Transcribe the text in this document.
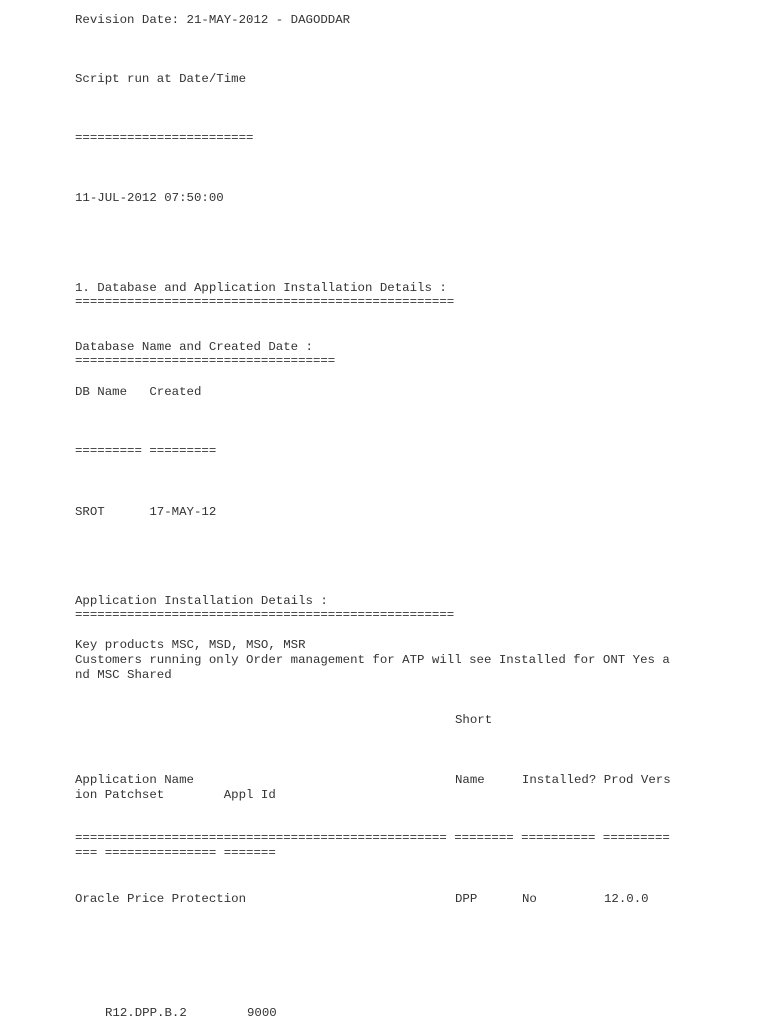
Revision Date: 21-MAY-2012 - DAGODDAR

Script run at Date/Time

========================

11-JUL-2012 07:50:00

1. Database and Application Installation Details :

===================================================

Database Name and Created Date :

===================================

DB Name   Created

========= =========

SROT      17-MAY-12

Application Installation Details :

===================================================

Key products MSC, MSD, MSO, MSR

Customers running only Order management for ATP will see Installed for ONT Yes a

nd MSC Shared

Short

Application Name	Name     Installed? Prod Vers

ion Patchset        Appl Id

================================================== ======== ========== =========

=== =============== =======

Oracle Price Protection	DPP	No	12.0.0

R12.DPP.B.2	9000
